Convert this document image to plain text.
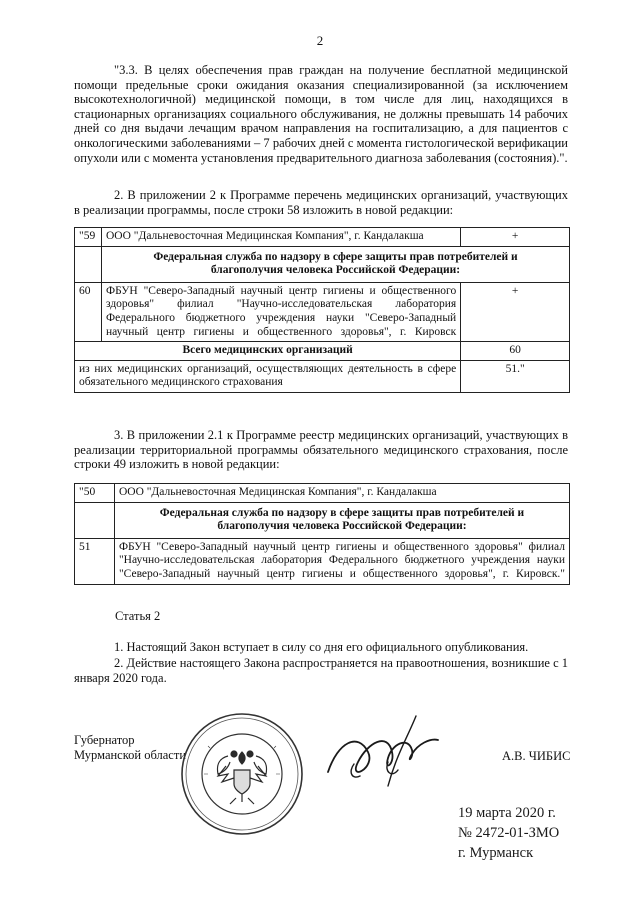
2

"3.3. В целях обеспечения прав граждан на получение бесплатной медицинской помощи предельные сроки ожидания оказания специализированной (за исключением высокотехнологичной) медицинской помощи, в том числе для лиц, находящихся в стационарных организациях социального обслуживания, не должны превышать 14 рабочих дней со дня выдачи лечащим врачом направления на госпитализацию, а для пациентов с онкологическими заболеваниями – 7 рабочих дней с момента гистологической верификации опухоли или с момента установления предварительного диагноза заболевания (состояния).".

2. В приложении 2 к Программе перечень медицинских организаций, участвующих в реализации программы, после строки 58 изложить в новой редакции:

"59	ООО "Дальневосточная Медицинская Компания", г. Кандалакша	+
	Федеральная служба по надзору в сфере защиты прав потребителей и благополучия человека Российской Федерации:	
60	ФБУН "Северо-Западный научный центр гигиены и общественного здоровья" филиал "Научно-исследовательская лаборатория Федерального бюджетного учреждения науки "Северо-Западный научный центр гигиены и общественного здоровья", г. Кировск	+
Всего медицинских организаций		60
из них медицинских организаций, осуществляющих деятельность в сфере обязательного медицинского страхования		51."

3. В приложении 2.1 к Программе реестр медицинских организаций, участвующих в реализации территориальной программы обязательного медицинского страхования, после строки 49 изложить в новой редакции:

"50	ООО "Дальневосточная Медицинская Компания", г. Кандалакша
	Федеральная служба по надзору в сфере защиты прав потребителей и благополучия человека Российской Федерации:
51	ФБУН "Северо-Западный научный центр гигиены и общественного здоровья" филиал "Научно-исследовательская лаборатория Федерального бюджетного учреждения науки "Северо-Западный научный центр гигиены и общественного здоровья", г. Кировск."

Статья 2

1. Настоящий Закон вступает в силу со дня его официального опубликования.

2. Действие настоящего Закона распространяется на правоотношения, возникшие с 1 января 2020 года.

Губернатор
Мурманской области	А.В. ЧИБИС
19 марта 2020 г.
№ 2472-01-ЗМО
г. Мурманск
